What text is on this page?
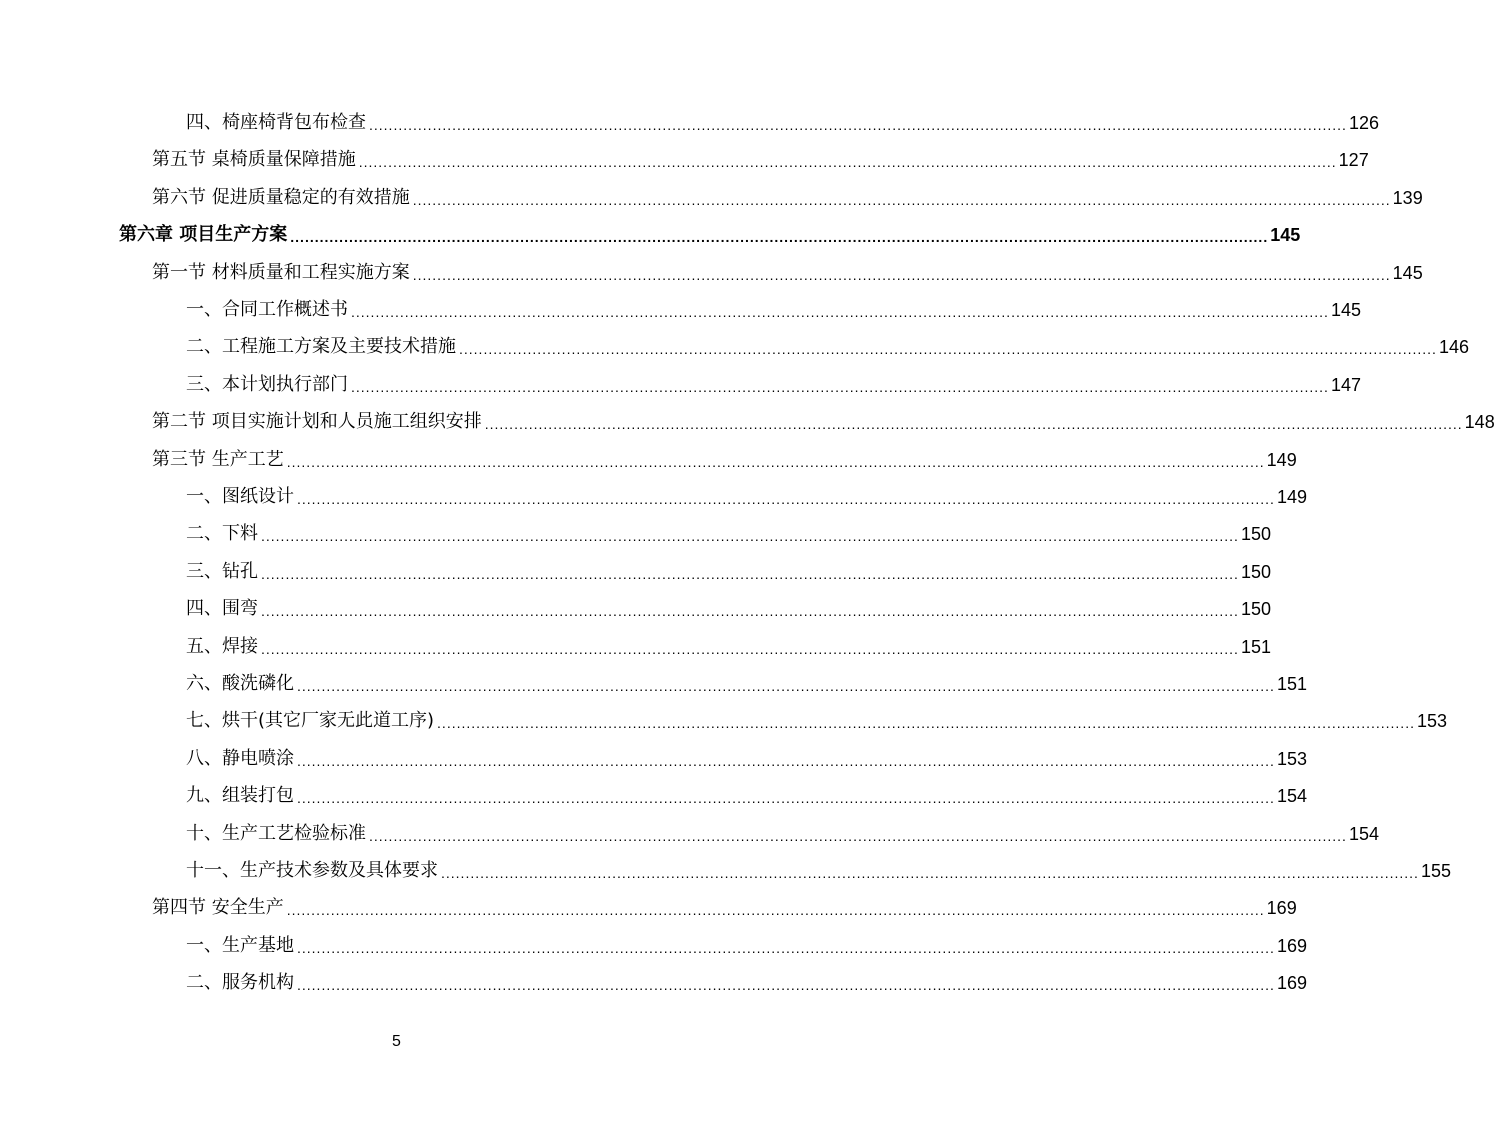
四、椅座椅背包布检查 ........................................................................................................................................................................................................ 126
第五节 桌椅质量保障措施 ........................................................................................................................................................................................................ 127
第六节 促进质量稳定的有效措施 ........................................................................................................................................................................................................ 139
第六章 项目生产方案 ........................................................................................................................................................................................................ 145
第一节 材料质量和工程实施方案 ........................................................................................................................................................................................................ 145
一、合同工作概述书 ........................................................................................................................................................................................................ 145
二、工程施工方案及主要技术措施 ........................................................................................................................................................................................................ 146
三、本计划执行部门 ........................................................................................................................................................................................................ 147
第二节 项目实施计划和人员施工组织安排 ........................................................................................................................................................................................................ 148
第三节 生产工艺 ........................................................................................................................................................................................................ 149
一、图纸设计 ........................................................................................................................................................................................................ 149
二、下料 ........................................................................................................................................................................................................ 150
三、钻孔 ........................................................................................................................................................................................................ 150
四、围弯 ........................................................................................................................................................................................................ 150
五、焊接 ........................................................................................................................................................................................................ 151
六、酸洗磷化 ........................................................................................................................................................................................................ 151
七、烘干(其它厂家无此道工序) ........................................................................................................................................................................................................ 153
八、静电喷涂 ........................................................................................................................................................................................................ 153
九、组装打包 ........................................................................................................................................................................................................ 154
十、生产工艺检验标准 ........................................................................................................................................................................................................ 154
十一、生产技术参数及具体要求 ........................................................................................................................................................................................................ 155
第四节 安全生产 ........................................................................................................................................................................................................ 169
一、生产基地 ........................................................................................................................................................................................................ 169
二、服务机构 ........................................................................................................................................................................................................ 169
5
